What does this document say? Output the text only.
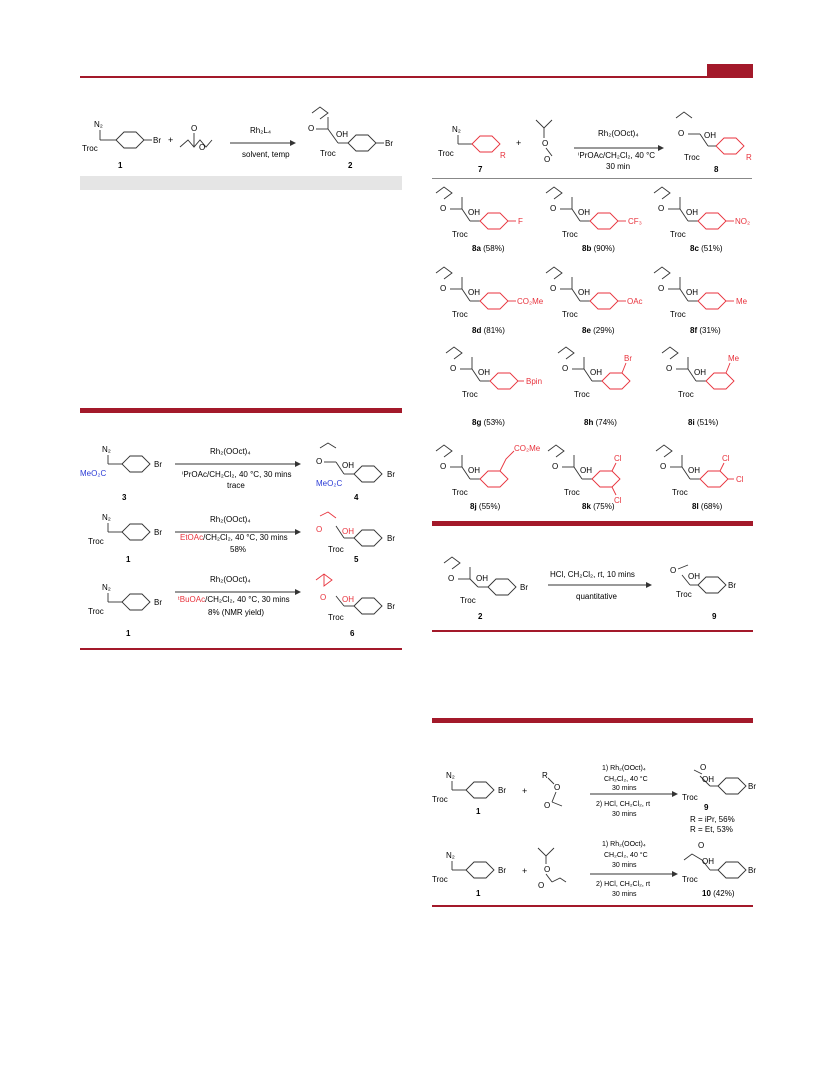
N₂
Troc
Br
1
+
O
O
Rh₂L₄
solvent, temp
O
OH
Troc
Br
2
N₂
MeO₂C
Br
3
Rh₂(OOct)₄
ⁱPrOAc/CH₂Cl₂, 40 °C, 30 mins
trace
O OH
Br
MeO₂C
4
N₂
Troc
Br
1
Rh₂(OOct)₄
EtOAc/CH₂Cl₂, 40 °C, 30 mins
58%
O OH
Br
Troc
5
N₂
Troc
Br
1
Rh₂(OOct)₄
ᵗBuOAc/CH₂Cl₂, 40 °C, 30 mins
8% (NMR yield)
O OH
Br
Troc
6
N₂
Troc	R
7
+	O
O
Rh₂(OOct)₄
ⁱPrOAc/CH₂Cl₂, 40 °C
30 min
O OH
R
Troc
8
F
8a (58%)
CF₃
8b (90%)
NO₂
8c (51%)
CO₂Me
8d (81%)
OAc
8e (29%)
Me
8f (31%)
Bpin
8g (53%)
Br
8h (74%)
Me
8i (51%)
CO₂Me
8j (55%)
Cl
Cl
8k (75%)
Cl
Cl
8l (68%)
O	OH
Br
Troc
2
HCl, CH₂Cl₂, rt, 10 mins
quantitative
O
OH
Br
Troc
9
N₂
Troc
Br
1
+
R
O
O
1) Rh₂(OOct)₄
CH₂Cl₂, 40 °C
30 mins
2) HCl, CH₂Cl₂, rt
30 mins
O
OH
Br
Troc
9
R = iPr, 56%
R = Et, 53%
N₂
Troc
Br
1
+ O
O
1) Rh₂(OOct)₄
CH₂Cl₂, 40 °C
30 mins
2) HCl, CH₂Cl₂, rt
30 mins
O
OH
Br
Troc
10 (42%)
